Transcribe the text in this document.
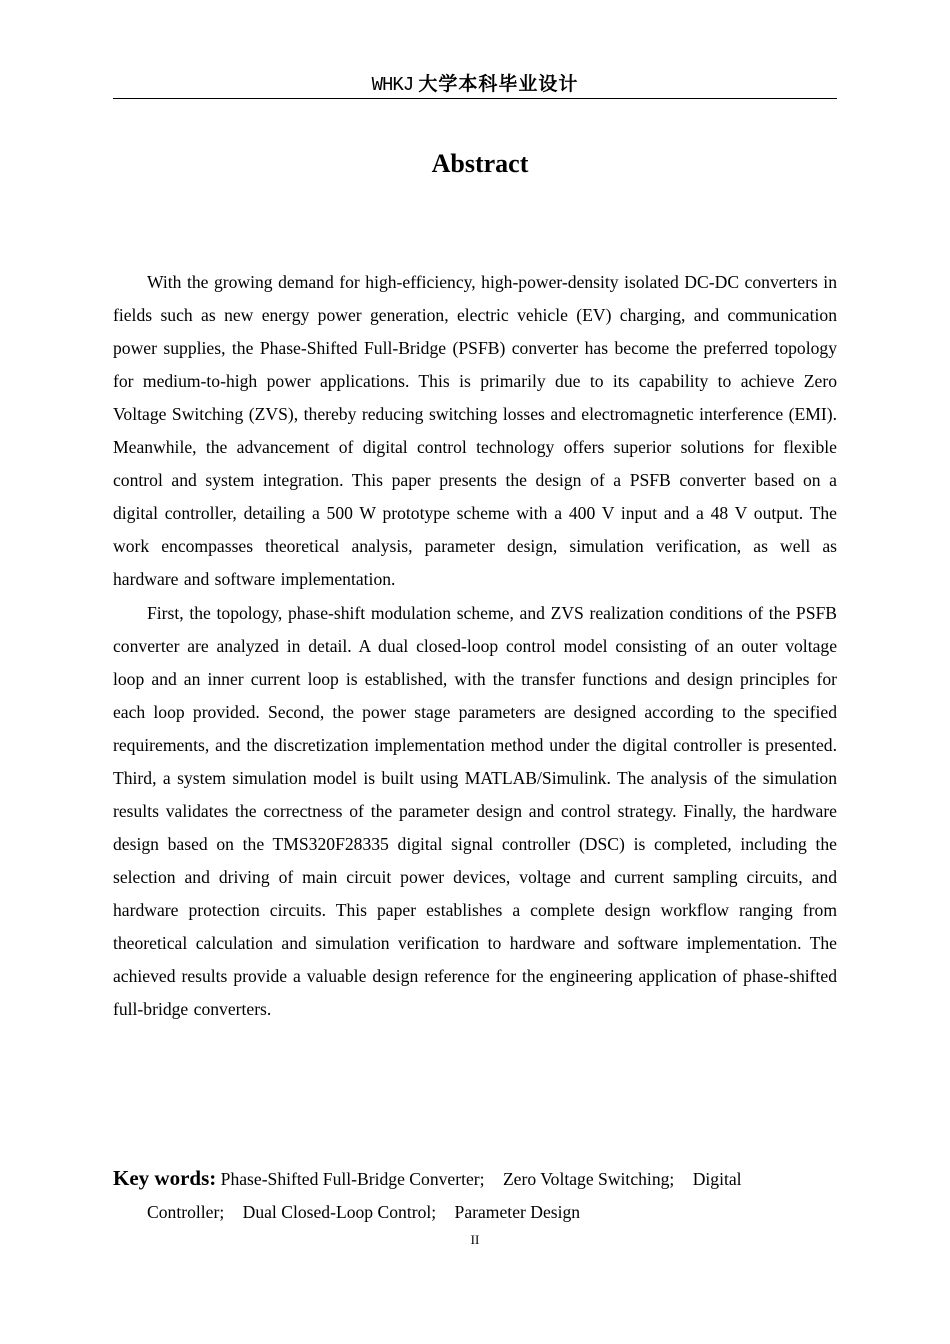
WHKJ 大学本科毕业设计
Abstract

With the growing demand for high-efficiency, high-power-density isolated DC-DC converters in fields such as new energy power generation, electric vehicle (EV) charging, and communication power supplies, the Phase-Shifted Full-Bridge (PSFB) converter has become the preferred topology for medium-to-high power applications. This is primarily due to its capability to achieve Zero Voltage Switching (ZVS), thereby reducing switching losses and electromagnetic interference (EMI). Meanwhile, the advancement of digital control technology offers superior solutions for flexible control and system integration. This paper presents the design of a PSFB converter based on a digital controller, detailing a 500 W prototype scheme with a 400 V input and a 48 V output. The work encompasses theoretical analysis, parameter design, simulation verification, as well as hardware and software implementation.

First, the topology, phase-shift modulation scheme, and ZVS realization conditions of the PSFB converter are analyzed in detail. A dual closed-loop control model consisting of an outer voltage loop and an inner current loop is established, with the transfer functions and design principles for each loop provided. Second, the power stage parameters are designed according to the specified requirements, and the discretization implementation method under the digital controller is presented. Third, a system simulation model is built using MATLAB/Simulink. The analysis of the simulation results validates the correctness of the parameter design and control strategy. Finally, the hardware design based on the TMS320F28335 digital signal controller (DSC) is completed, including the selection and driving of main circuit power devices, voltage and current sampling circuits, and hardware protection circuits. This paper establishes a complete design workflow ranging from theoretical calculation and simulation verification to hardware and software implementation. The achieved results provide a valuable design reference for the engineering application of phase-shifted full-bridge converters.

Key words: Phase-Shifted Full-Bridge Converter; Zero Voltage Switching; Digital Controller; Dual Closed-Loop Control; Parameter Design
II
